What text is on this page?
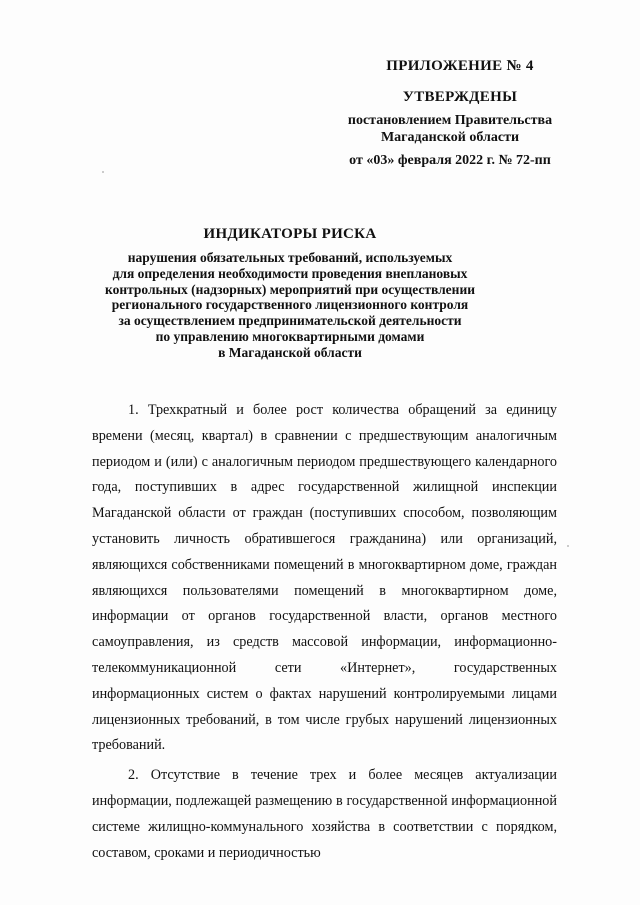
ПРИЛОЖЕНИЕ № 4
УТВЕРЖДЕНЫ
постановлением Правительства
Магаданской области
от «03» февраля 2022 г. № 72-пп
ИНДИКАТОРЫ РИСКА
нарушения обязательных требований, используемых
для определения необходимости проведения внеплановых
контрольных (надзорных) мероприятий при осуществлении
регионального государственного лицензионного контроля
за осуществлением предпринимательской деятельности
по управлению многоквартирными домами
в Магаданской области

1. Трехкратный и более рост количества обращений за единицу времени (месяц, квартал) в сравнении с предшествующим аналогичным периодом и (или) с аналогичным периодом предшествующего календарного года, поступивших в адрес государственной жилищной инспекции Магаданской области от граждан (поступивших способом, позволяющим установить личность обратившегося гражданина) или организаций, являющихся собственниками помещений в многоквартирном доме, граждан являющихся пользователями помещений в многоквартирном доме, информации от органов государственной власти, органов местного самоуправления, из средств массовой информации, информационно-телекоммуникационной сети «Интернет», государственных информационных систем о фактах нарушений контролируемыми лицами лицензионных требований, в том числе грубых нарушений лицензионных требований.

2. Отсутствие в течение трех и более месяцев актуализации информации, подлежащей размещению в государственной информационной системе жилищно-коммунального хозяйства в соответствии с порядком, составом, сроками и периодичностью
